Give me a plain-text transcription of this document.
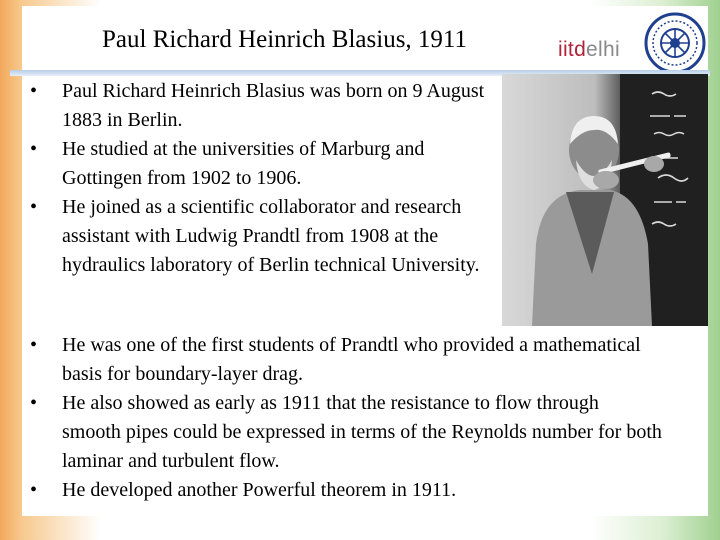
Paul Richard Heinrich Blasius, 1911	iitdelhi
• Paul Richard Heinrich Blasius was born on 9 August 1883 in Berlin.
• He studied at the universities of Marburg and Gottingen from 1902 to 1906.
• He joined as a scientific collaborator and research assistant with Ludwig Prandtl from 1908 at the hydraulics laboratory of Berlin technical University.
• He was one of the first students of Prandtl who provided a mathematical basis for boundary-layer drag.
• He also showed as early as 1911 that the resistance to flow through smooth pipes could be expressed in terms of the Reynolds number for both laminar and turbulent flow.
• He developed another Powerful theorem in 1911.
